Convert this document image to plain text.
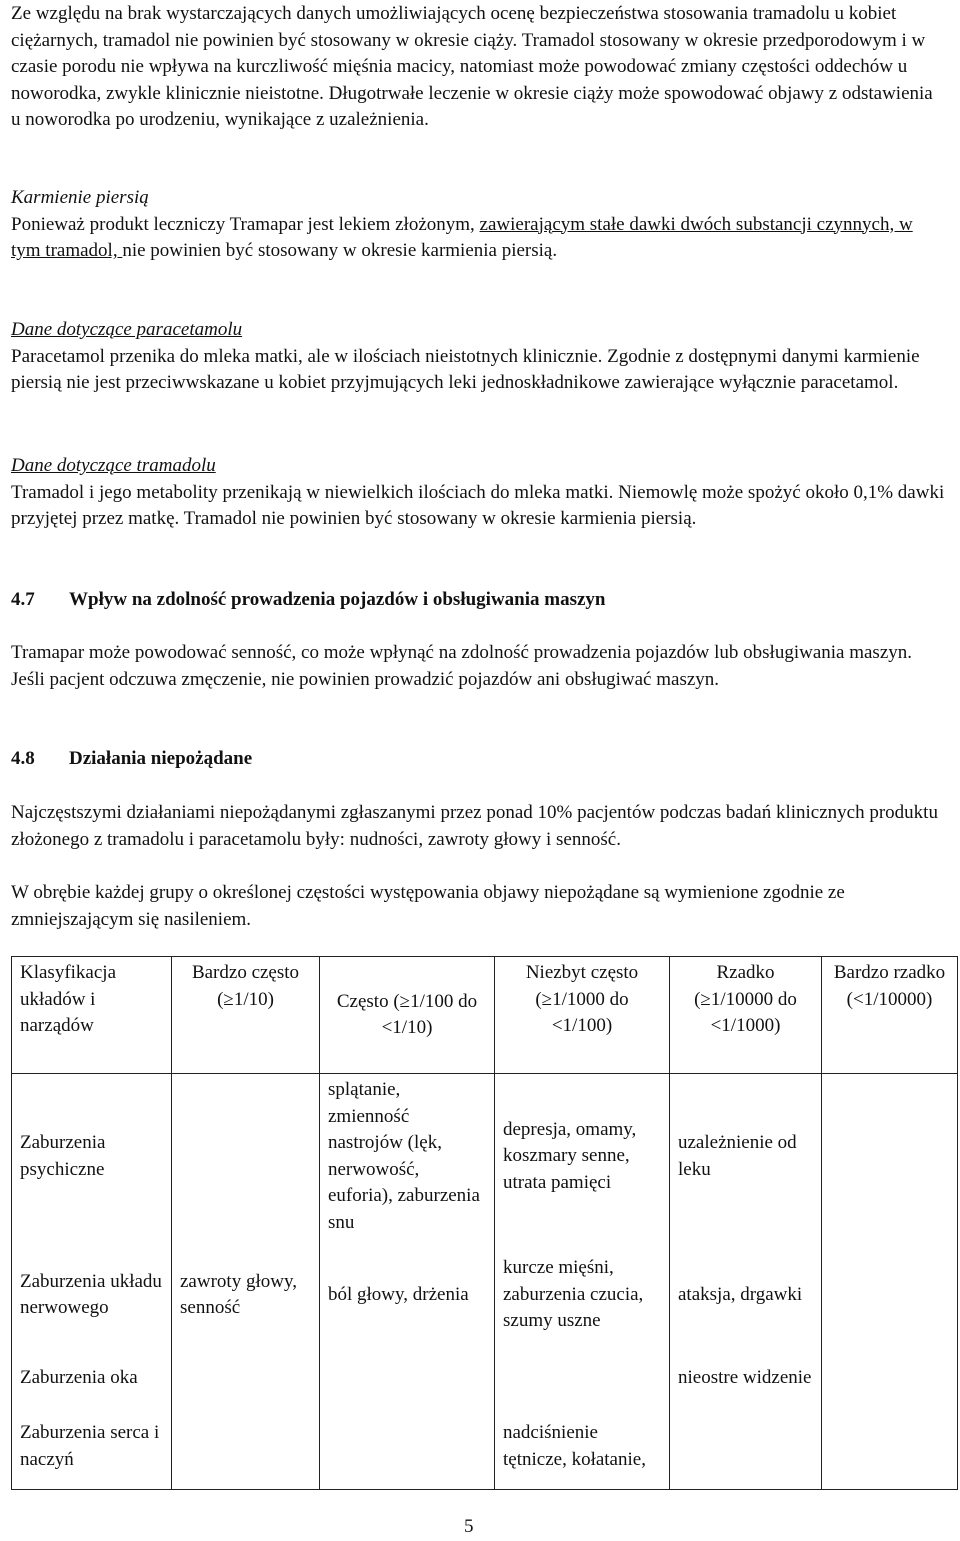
Ze względu na brak wystarczających danych umożliwiających ocenę bezpieczeństwa stosowania tramadolu u kobiet ciężarnych, tramadol nie powinien być stosowany w okresie ciąży. Tramadol stosowany w okresie przedporodowym i w czasie porodu nie wpływa na kurczliwość mięśnia macicy, natomiast może powodować zmiany częstości oddechów u noworodka, zwykle klinicznie nieistotne. Długotrwałe leczenie w okresie ciąży może spowodować objawy z odstawienia u noworodka po urodzeniu, wynikające z uzależnienia.

Karmienie piersią

Ponieważ produkt leczniczy Tramapar jest lekiem złożonym, zawierającym stałe dawki dwóch substancji czynnych, w tym tramadol, nie powinien być stosowany w okresie karmienia piersią.

Dane dotyczące paracetamolu

Paracetamol przenika do mleka matki, ale w ilościach nieistotnych klinicznie. Zgodnie z dostępnymi danymi karmienie piersią nie jest przeciwwskazane u kobiet przyjmujących leki jednoskładnikowe zawierające wyłącznie paracetamol.

Dane dotyczące tramadolu

Tramadol i jego metabolity przenikają w niewielkich ilościach do mleka matki. Niemowlę może spożyć około 0,1% dawki przyjętej przez matkę. Tramadol nie powinien być stosowany w okresie karmienia piersią.

4.7 Wpływ na zdolność prowadzenia pojazdów i obsługiwania maszyn

Tramapar może powodować senność, co może wpłynąć na zdolność prowadzenia pojazdów lub obsługiwania maszyn.

Jeśli pacjent odczuwa zmęczenie, nie powinien prowadzić pojazdów ani obsługiwać maszyn.

4.8 Działania niepożądane

Najczęstszymi działaniami niepożądanymi zgłaszanymi przez ponad 10% pacjentów podczas badań klinicznych produktu złożonego z tramadolu i paracetamolu były: nudności, zawroty głowy i senność.

W obrębie każdej grupy o określonej częstości występowania objawy niepożądane są wymienione zgodnie ze zmniejszającym się nasileniem.

Klasyfikacja układów i narządów	Bardzo często (≥1/10)	Często (≥1/100 do <1/10)	Niezbyt często (≥1/1000 do <1/100)	Rzadko (≥1/10000 do <1/1000)	Bardzo rzadko (<1/10000)
Zaburzenia psychiczne		splątanie, zmienność nastrojów (lęk, nerwowość, euforia), zaburzenia snu	depresja, omamy, koszmary senne, utrata pamięci	uzależnienie od leku	
Zaburzenia układu nerwowego	zawroty głowy, senność	ból głowy, drżenia	kurcze mięśni, zaburzenia czucia, szumy uszne	ataksja, drgawki	
Zaburzenia oka				nieostre widzenie	
Zaburzenia serca i naczyń			nadciśnienie tętnicze, kołatanie,		
5
